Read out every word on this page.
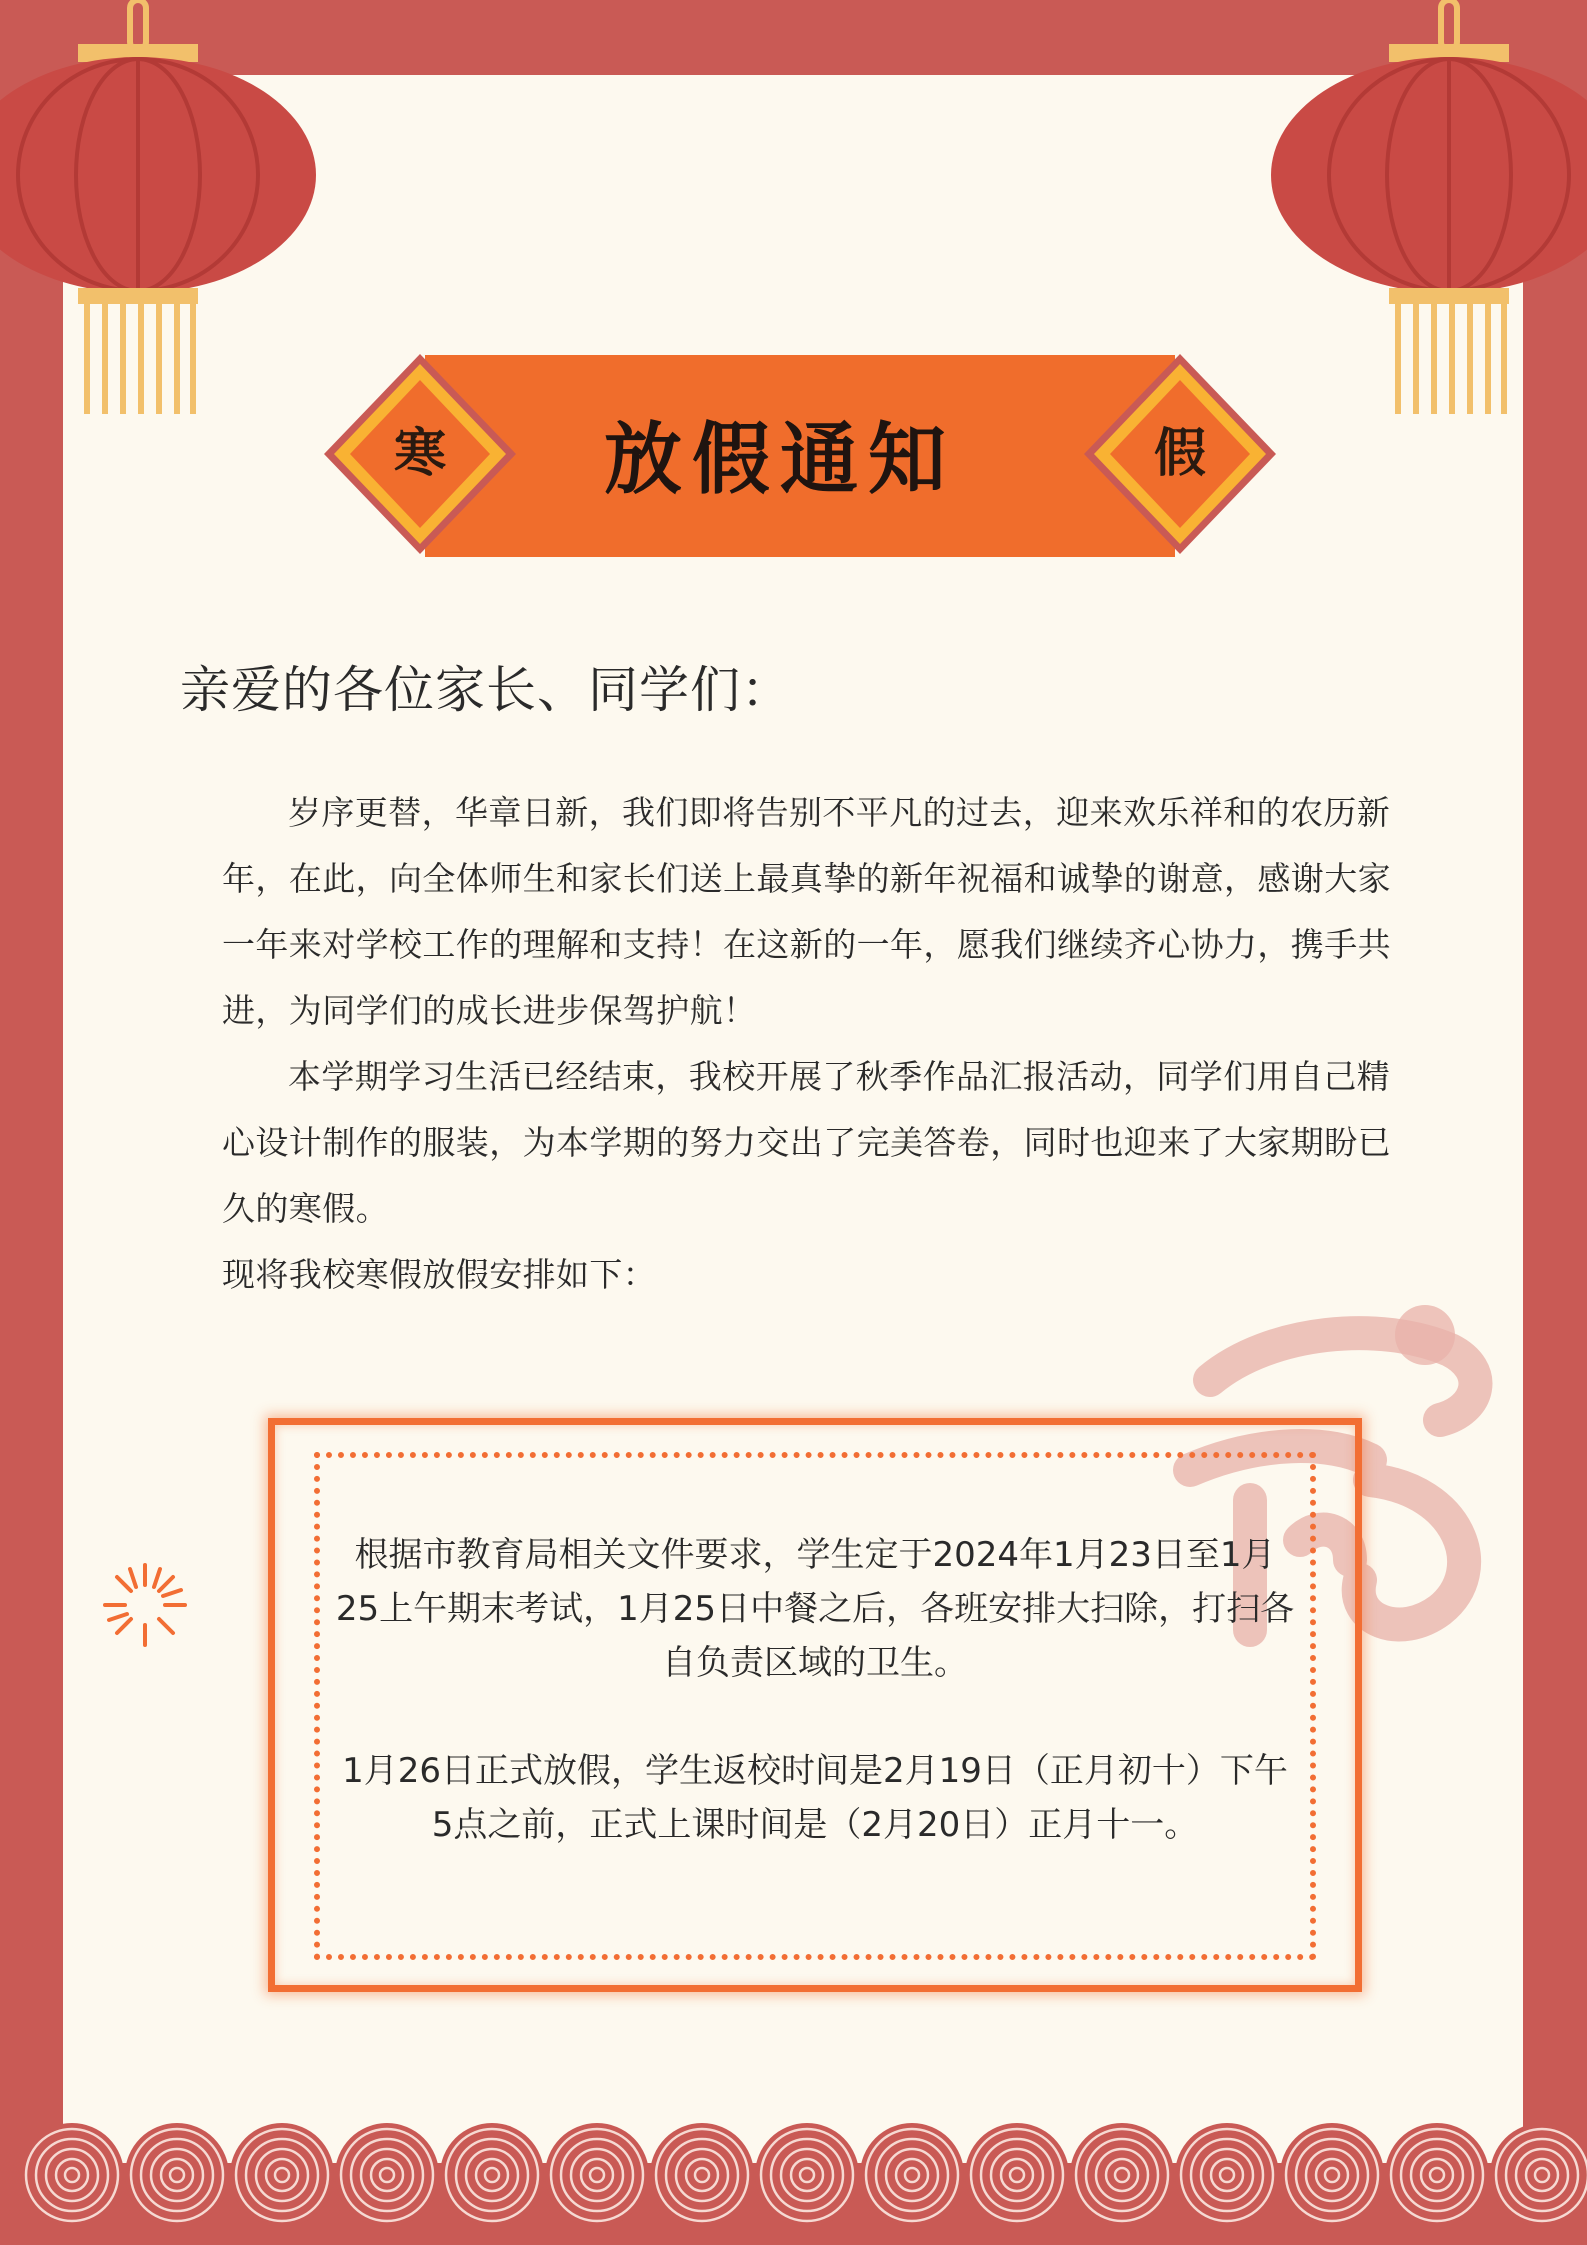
寒	假
放假通知
亲爱的各位家长、同学们：

岁序更替，华章日新，我们即将告别不平凡的过去，迎来欢乐祥和的农历新年，在此，向全体师生和家长们送上最真挚的新年祝福和诚挚的谢意，感谢大家一年来对学校工作的理解和支持！在这新的一年，愿我们继续齐心协力，携手共进，为同学们的成长进步保驾护航！

本学期学习生活已经结束，我校开展了秋季作品汇报活动，同学们用自己精心设计制作的服装，为本学期的努力交出了完美答卷，同时也迎来了大家期盼已久的寒假。

现将我校寒假放假安排如下：

根据市教育局相关文件要求，学生定于2024年1月23日至1月25上午期末考试，1月25日中餐之后，各班安排大扫除，打扫各自负责区域的卫生。

1月26日正式放假，学生返校时间是2月19日（正月初十）下午5点之前，正式上课时间是（2月20日）正月十一。
